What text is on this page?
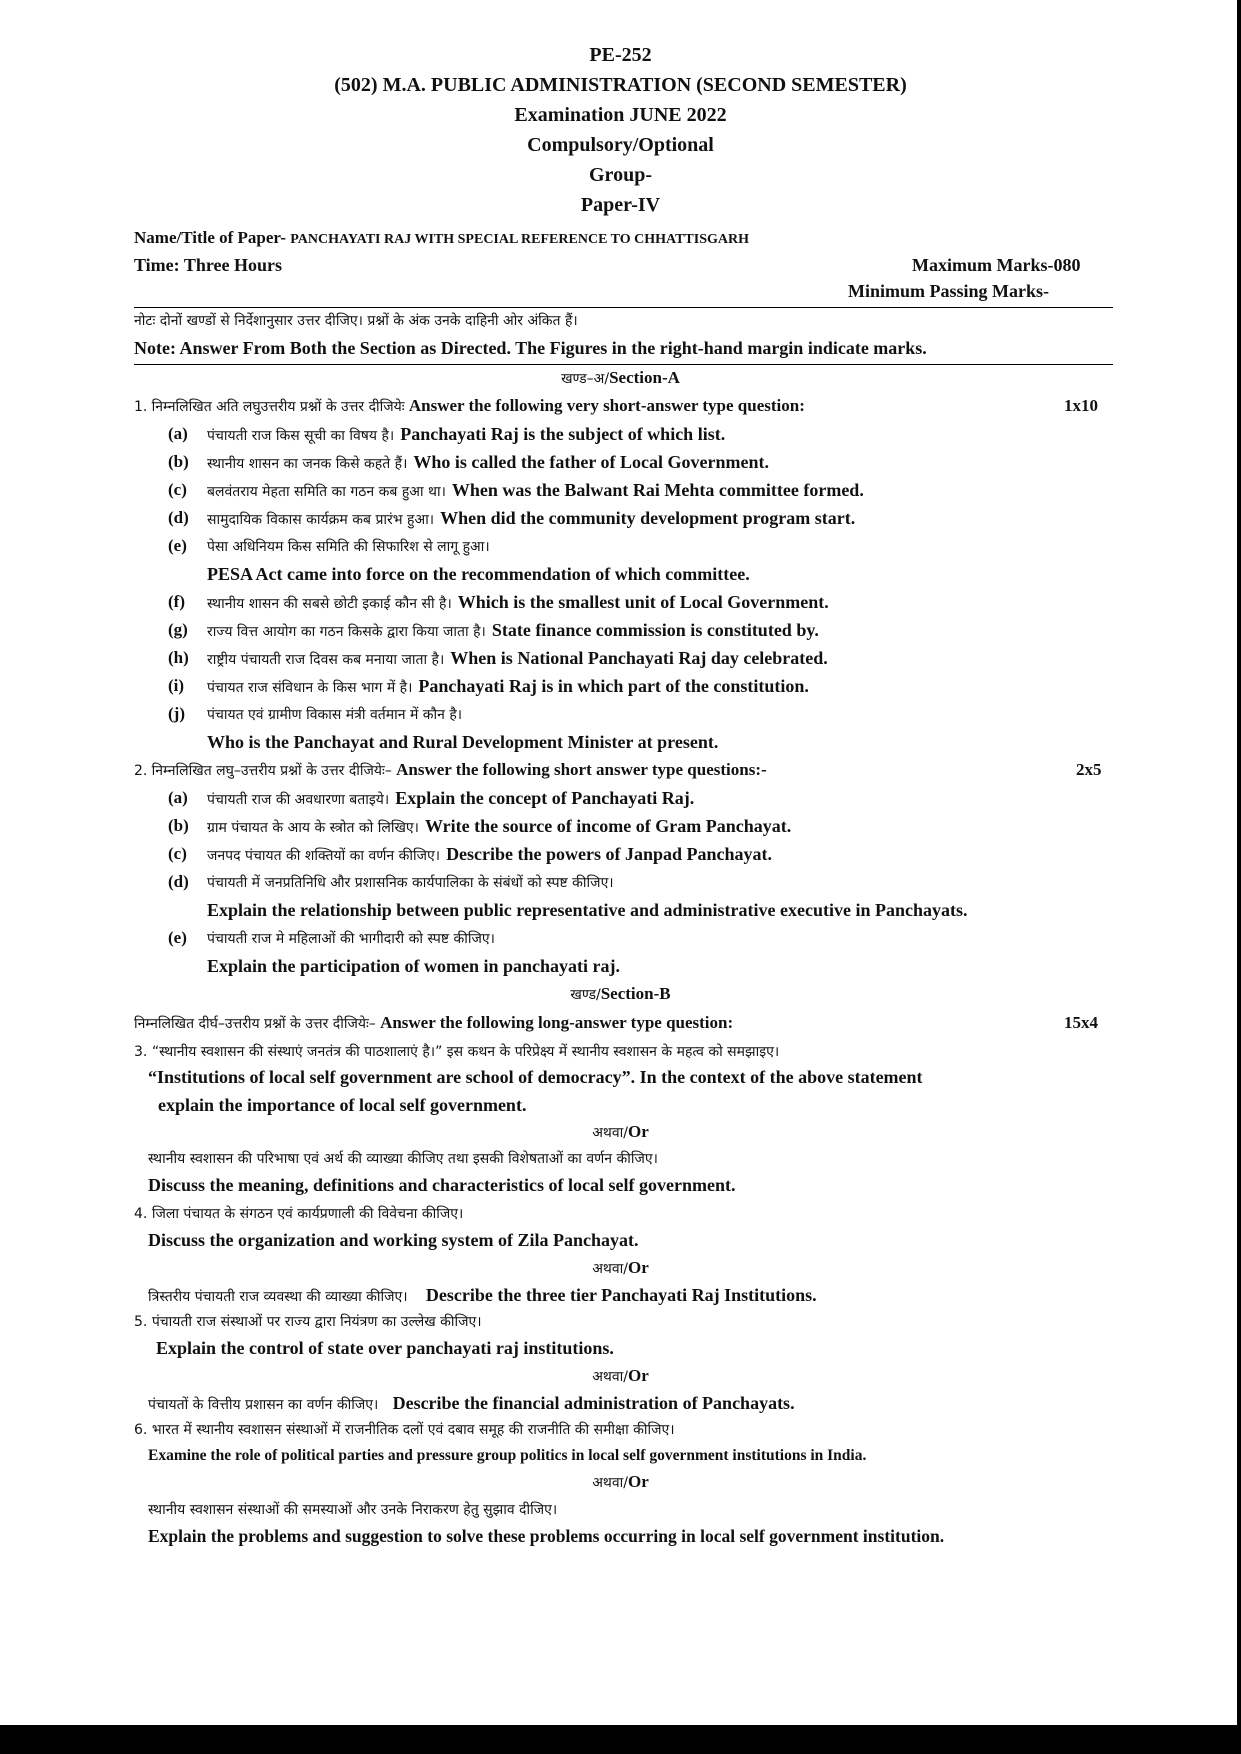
PE-252
(502) M.A. PUBLIC ADMINISTRATION (SECOND SEMESTER)
Examination JUNE 2022
Compulsory/Optional
Group-
Paper-IV
Name/Title of Paper- PANCHAYATI RAJ WITH SPECIAL REFERENCE TO CHHATTISGARH
Time: Three Hours	Maximum Marks-080
Minimum Passing Marks-
नोटः दोनों खण्डों से निर्देशानुसार उत्तर दीजिए। प्रश्नों के अंक उनके दाहिनी ओर अंकित हैं।
Note: Answer From Both the Section as Directed. The Figures in the right-hand margin indicate marks.
खण्ड–अ/Section-A
1. निम्नलिखित अति लघुउत्तरीय प्रश्नों के उत्तर दीजियेः Answer the following very short-answer type question:	1x10
(a) पंचायती राज किस सूची का विषय है। Panchayati Raj is the subject of which list.
(b) स्थानीय शासन का जनक किसे कहते हैं। Who is called the father of Local Government.
(c) बलवंतराय मेहता समिति का गठन कब हुआ था। When was the Balwant Rai Mehta committee formed.
(d) सामुदायिक विकास कार्यक्रम कब प्रारंभ हुआ। When did the community development program start.
(e) पेसा अधिनियम किस समिति की सिफारिश से लागू हुआ।
PESA Act came into force on the recommendation of which committee.
(f) स्थानीय शासन की सबसे छोटी इकाई कौन सी है। Which is the smallest unit of Local Government.
(g) राज्य वित्त आयोग का गठन किसके द्वारा किया जाता है। State finance commission is constituted by.
(h) राष्ट्रीय पंचायती राज दिवस कब मनाया जाता है। When is National Panchayati Raj day celebrated.
(i) पंचायत राज संविधान के किस भाग में है। Panchayati Raj is in which part of the constitution.
(j) पंचायत एवं ग्रामीण विकास मंत्री वर्तमान में कौन है।
Who is the Panchayat and Rural Development Minister at present.
2. निम्नलिखित लघु–उत्तरीय प्रश्नों के उत्तर दीजियेः– Answer the following short answer type questions:-	2x5
(a) पंचायती राज की अवधारणा बताइये। Explain the concept of Panchayati Raj.
(b) ग्राम पंचायत के आय के स्त्रोत को लिखिए। Write the source of income of Gram Panchayat.
(c) जनपद पंचायत की शक्तियों का वर्णन कीजिए। Describe the powers of Janpad Panchayat.
(d) पंचायती में जनप्रतिनिधि और प्रशासनिक कार्यपालिका के संबंधों को स्पष्ट कीजिए।
Explain the relationship between public representative and administrative executive in Panchayats.
(e) पंचायती राज मे महिलाओं की भागीदारी को स्पष्ट कीजिए।
Explain the participation of women in panchayati raj.
खण्ड/Section-B
निम्नलिखित दीर्घ–उत्तरीय प्रश्नों के उत्तर दीजियेः– Answer the following long-answer type question:	15x4
3. “स्थानीय स्वशासन की संस्थाएं जनतंत्र की पाठशालाएं है।” इस कथन के परिप्रेक्ष्य में स्थानीय स्वशासन के महत्व को समझाइए।
“Institutions of local self government are school of democracy”. In the context of the above statement
explain the importance of local self government.
अथवा/Or
स्थानीय स्वशासन की परिभाषा एवं अर्थ की व्याख्या कीजिए तथा इसकी विशेषताओं का वर्णन कीजिए।
Discuss the meaning, definitions and characteristics of local self government.
4. जिला पंचायत के संगठन एवं कार्यप्रणाली की विवेचना कीजिए।
Discuss the organization and working system of Zila Panchayat.
अथवा/Or
त्रिस्तरीय पंचायती राज व्यवस्था की व्याख्या कीजिए। Describe the three tier Panchayati Raj Institutions.
5. पंचायती राज संस्थाओं पर राज्य द्वारा नियंत्रण का उल्लेख कीजिए।
Explain the control of state over panchayati raj institutions.
अथवा/Or
पंचायतों के वित्तीय प्रशासन का वर्णन कीजिए। Describe the financial administration of Panchayats.
6. भारत में स्थानीय स्वशासन संस्थाओं में राजनीतिक दलों एवं दबाव समूह की राजनीति की समीक्षा कीजिए।
Examine the role of political parties and pressure group politics in local self government institutions in India.
अथवा/Or
स्थानीय स्वशासन संस्थाओं की समस्याओं और उनके निराकरण हेतु सुझाव दीजिए।
Explain the problems and suggestion to solve these problems occurring in local self government institution.
